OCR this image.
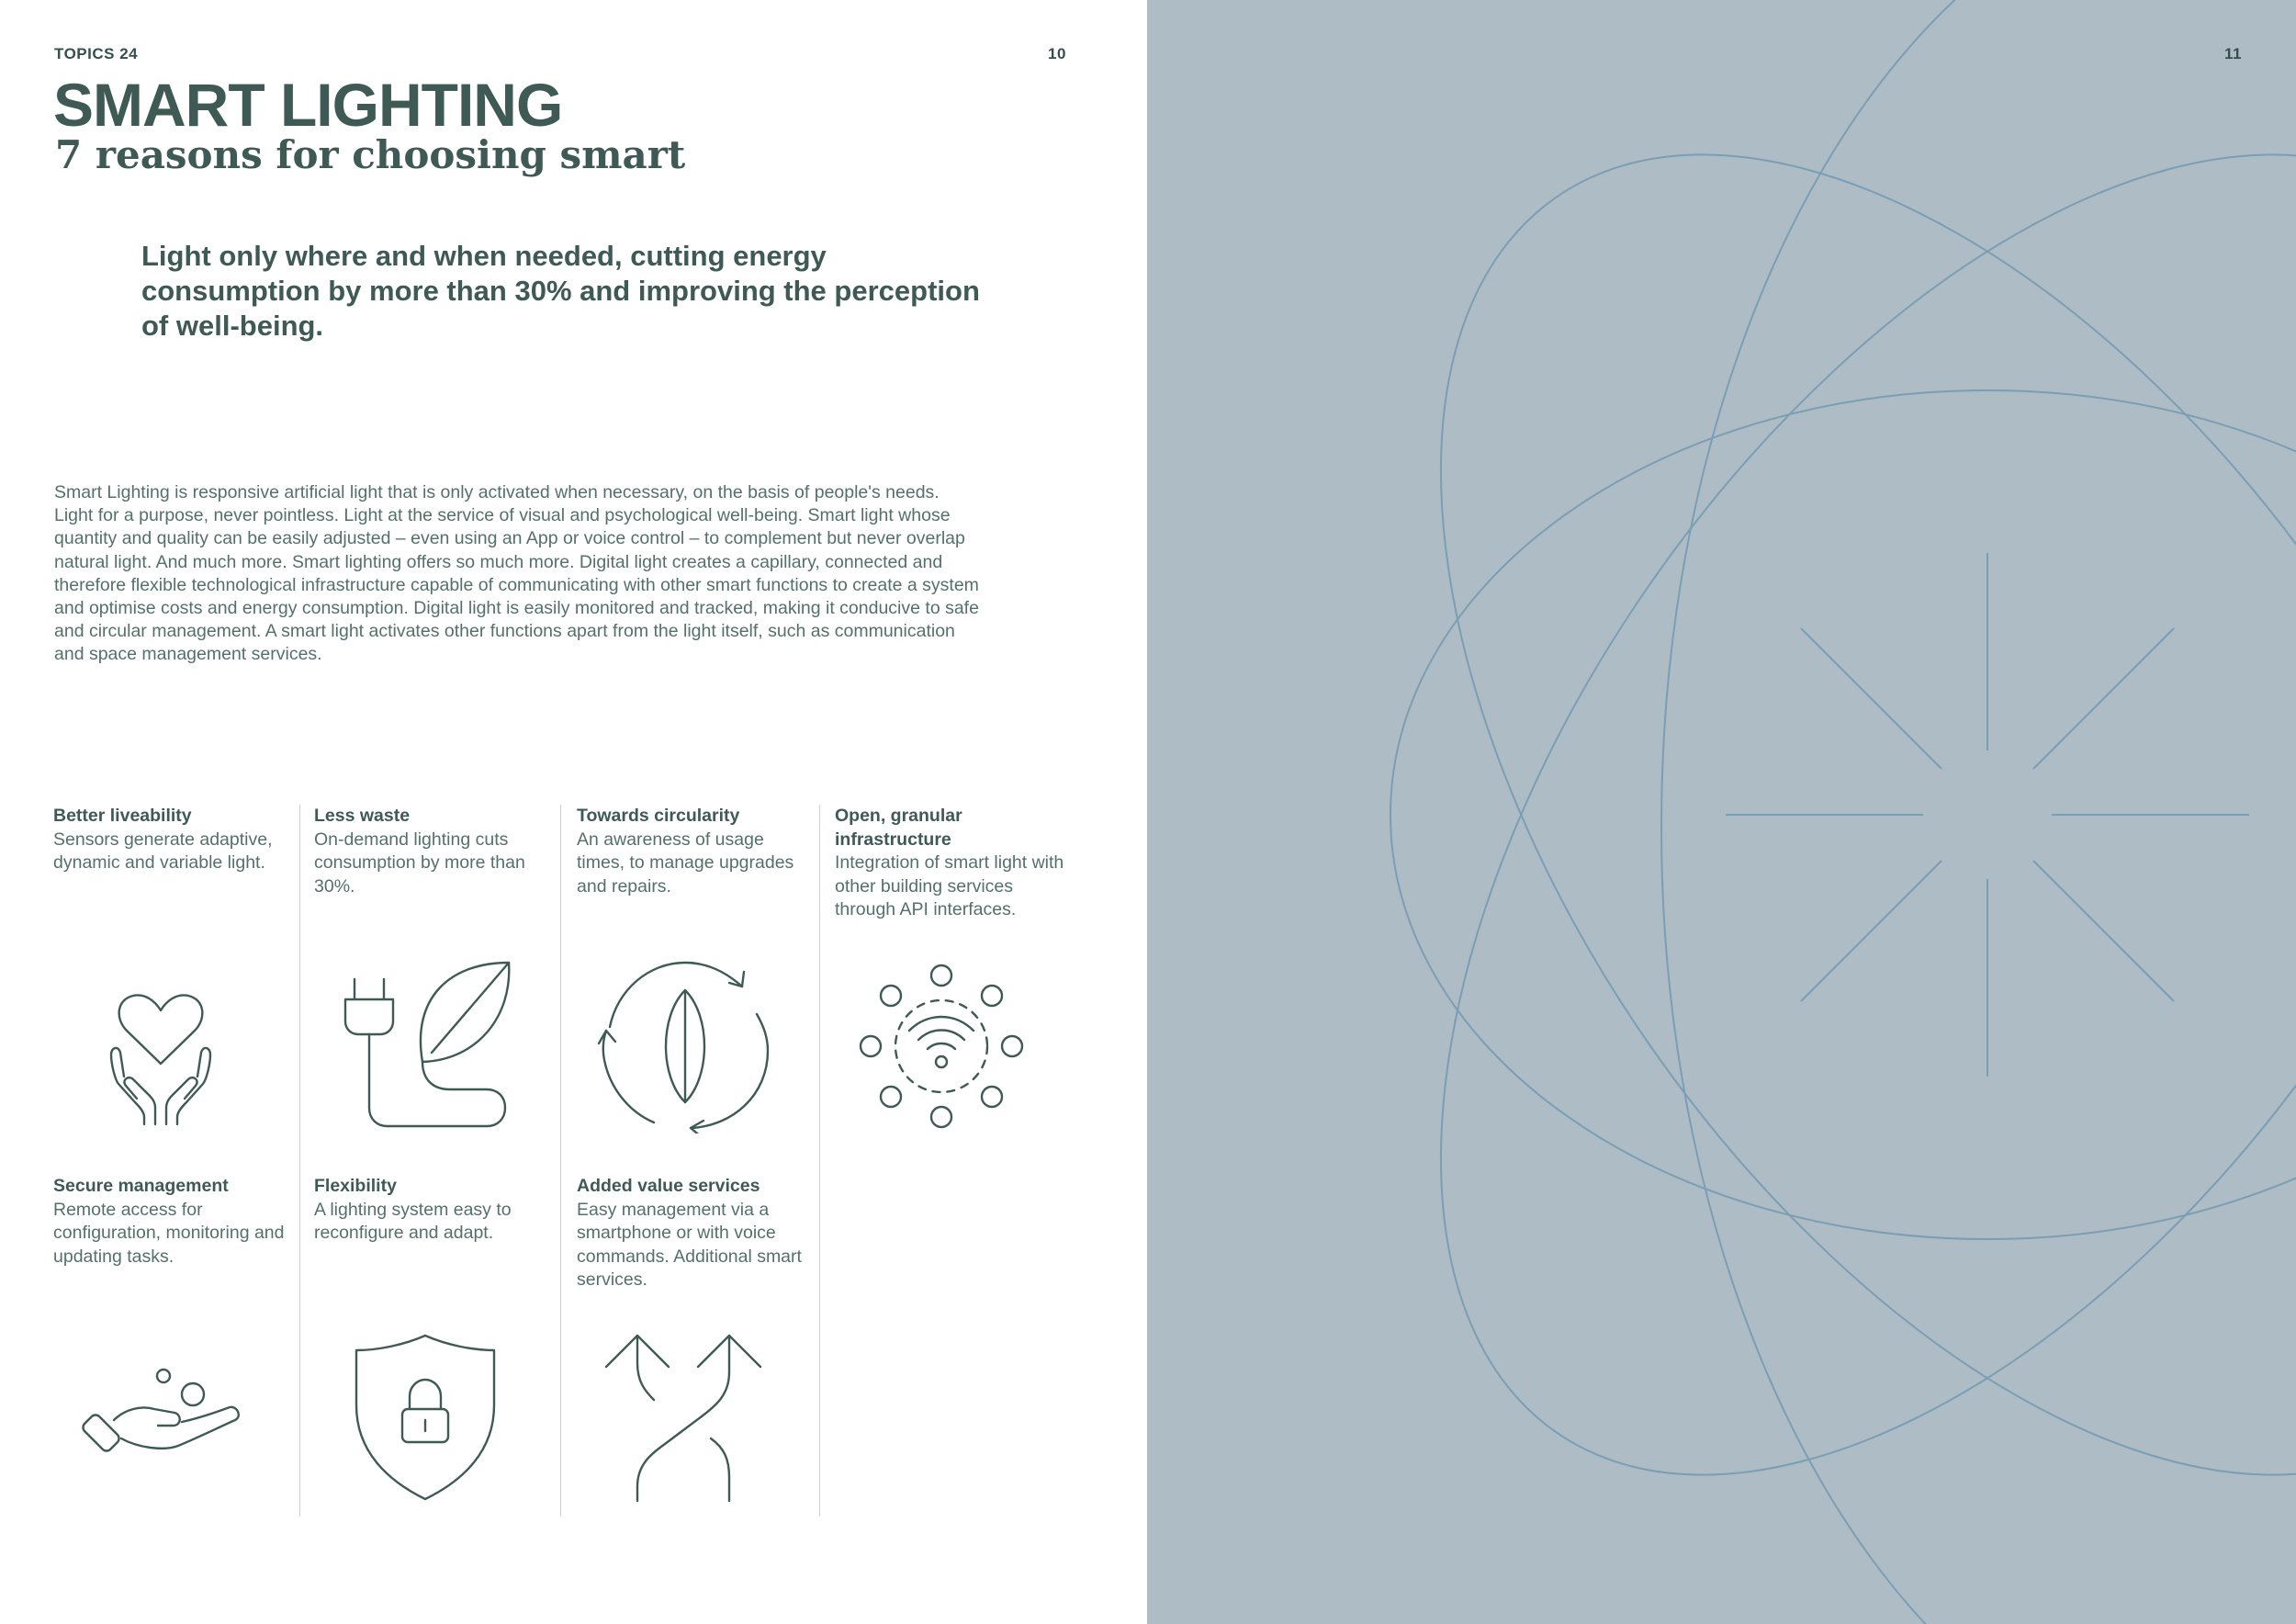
TOPICS 24	10
SMART LIGHTING
7 reasons for choosing smart

Light only where and when needed, cutting energy consumption by more than 30% and improving the perception of well-being.

Smart Lighting is responsive artificial light that is only activated when necessary, on the basis of people's needs. Light for a purpose, never pointless. Light at the service of visual and psychological well-being. Smart light whose quantity and quality can be easily adjusted – even using an App or voice control – to complement but never overlap natural light. And much more. Smart lighting offers so much more. Digital light creates a capillary, connected and therefore flexible technological infrastructure capable of communicating with other smart functions to create a system and optimise costs and energy consumption. Digital light is easily monitored and tracked, making it conducive to safe and circular management. A smart light activates other functions apart from the light itself, such as communication and space management services.

Better liveability
Sensors generate adaptive, dynamic and variable light.
Less waste
On-demand lighting cuts consumption by more than 30%.
Towards circularity
An awareness of usage times, to manage upgrades and repairs.
Open, granular infrastructure
Integration of smart light with other building services through API interfaces.
Secure management
Remote access for configuration, monitoring and updating tasks.
Flexibility
A lighting system easy to reconfigure and adapt.
Added value services
Easy management via a smartphone or with voice commands. Additional smart services.
11
